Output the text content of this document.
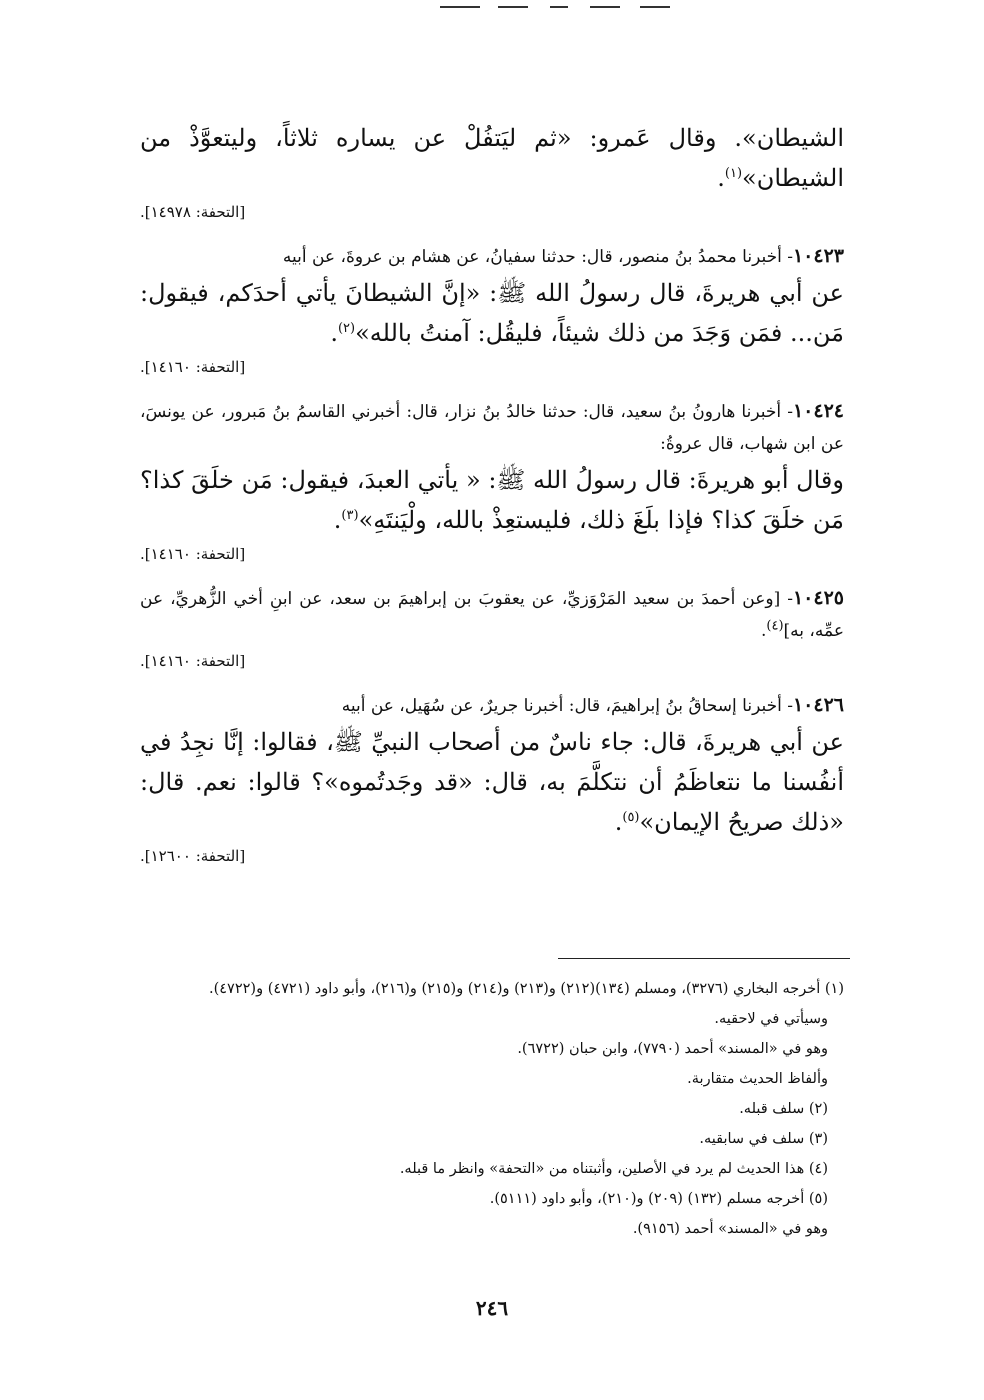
الشيطان». وقال عَمرو: «ثم ليَتفُلْ عن يساره ثلاثاً، وليتعوَّذْ من الشيطان»$^{(١)}$.

[التحفة: ١٤٩٧٨].

١٠٤٢٣- أخبرنا محمدُ بنُ منصور، قال: حدثنا سفيانُ، عن هشام بن عروةَ، عن أبيه

عن أبي هريرةَ، قال رسولُ الله ﷺ: «إنَّ الشيطانَ يأتي أحدَكم، فيقول: مَن... فمَن وَجَدَ من ذلك شيئاً، فليقُل: آمنتُ بالله»$^{(٢)}$.

[التحفة: ١٤١٦٠].

١٠٤٢٤- أخبرنا هارونُ بنُ سعيد، قال: حدثنا خالدُ بنُ نزار، قال: أخبرني القاسمُ بنُ مَبرور، عن يونسَ، عن ابن شهاب، قال عروةُ:

وقال أبو هريرةَ: قال رسولُ الله ﷺ: « يأتي العبدَ، فيقول: مَن خلَقَ كذا؟ مَن خلَقَ كذا؟ فإذا بلَغَ ذلك، فليستعِذْ بالله، ولْيَنتَهِ»$^{(٣)}$.

[التحفة: ١٤١٦٠].

١٠٤٢٥- [وعن أحمدَ بن سعيد المَرْوَزيِّ، عن يعقوبَ بن إبراهيمَ بن سعد، عن ابنِ أخي الزُّهريِّ، عن عمِّه، به]$^{(٤)}$.

[التحفة: ١٤١٦٠].

١٠٤٢٦- أخبرنا إسحاقُ بنُ إبراهيمَ، قال: أخبرنا جريرٌ، عن سُهَيل، عن أبيه

عن أبي هريرةَ، قال: جاء ناسٌ من أصحاب النبيِّ ﷺ، فقالوا: إنَّا نجِدُ في أنفُسنا ما نتعاظَمُ أن نتكلَّمَ به، قال: «قد وجَدتُموه»؟ قالوا: نعم. قال: «ذلك صريحُ الإيمان»$^{(٥)}$.

[التحفة: ١٢٦٠٠].

(١) أخرجه البخاري (٣٢٧٦)، ومسلم (١٣٤)(٢١٢) و(٢١٣) و(٢١٤) و(٢١٥) و(٢١٦)، وأبو داود (٤٧٢١) و(٤٧٢٢).

وسيأتي في لاحقيه.

وهو في «المسند» أحمد (٧٧٩٠)، وابن حبان (٦٧٢٢).

وألفاظ الحديث متقاربة.

(٢) سلف قبله.

(٣) سلف في سابقيه.

(٤) هذا الحديث لم يرد في الأصلين، وأثبتناه من «التحفة» وانظر ما قبله.

(٥) أخرجه مسلم (١٣٢) (٢٠٩) و(٢١٠)، وأبو داود (٥١١١).

وهو في «المسند» أحمد (٩١٥٦).

٢٤٦
